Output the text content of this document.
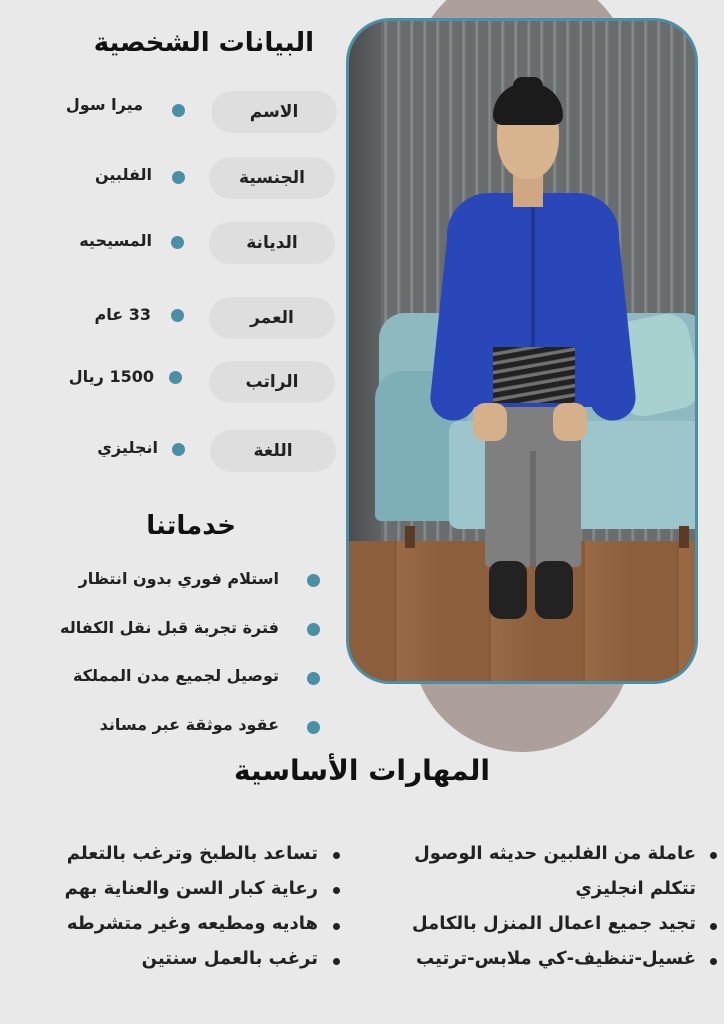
البيانات الشخصية
الاسم
ميرا سول
الجنسية
الفلبين
الديانة
المسيحيه
العمر
33 عام
الراتب
1500 ريال
اللغة
انجليزي
خدماتنا
استلام فوري بدون انتظار
فترة تجربة قبل نقل الكفاله
توصيل لجميع مدن المملكة
عقود موثقة عبر مساند
المهارات الأساسية
عاملة من الفلبين حديثه الوصول
تتكلم انجليزي
تجيد جميع اعمال المنزل بالكامل
غسيل-تنظيف-كي ملابس-ترتيب
تساعد بالطبخ وترغب بالتعلم
رعاية كبار السن والعناية بهم
هاديه ومطيعه وغير متشرطه
ترغب بالعمل سنتين
